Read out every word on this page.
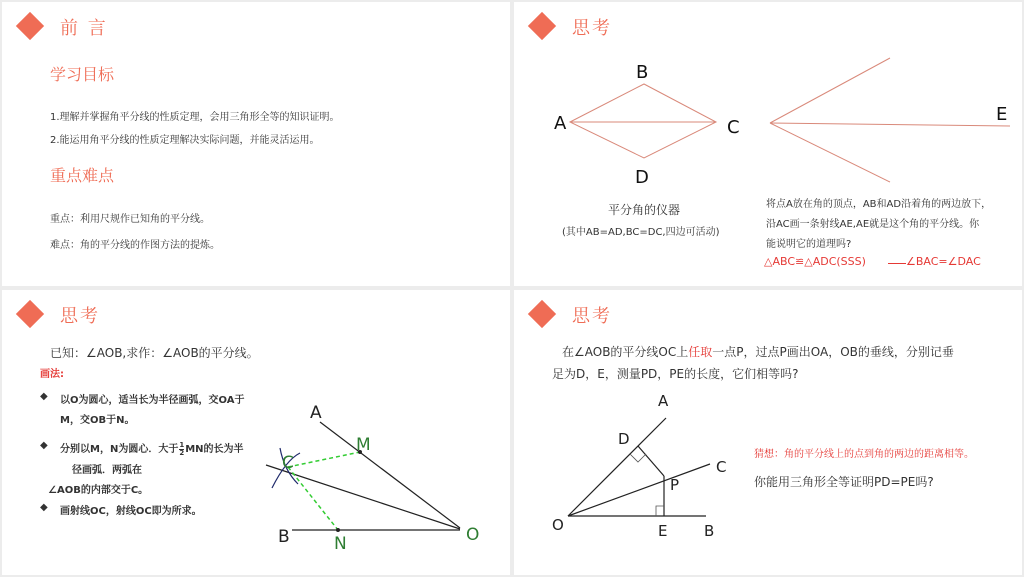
前 言
学习目标
1.理解并掌握角平分线的性质定理，会用三角形全等的知识证明。
2.能运用角平分线的性质定理解决实际问题，并能灵活运用。
重点难点
重点：利用尺规作已知角的平分线。
难点：角的平分线的作图方法的提炼。
思考
A
B
C
D
E
平分角的仪器
(其中AB=AD,BC=DC,四边可活动)
将点A放在角的顶点，AB和AD沿着角的两边放下，
沿AC画一条射线AE,AE就是这个角的平分线。你
能说明它的道理吗?
△ABC≌△ADC(SSS)	∠BAC=∠DAC
思考
已知：∠AOB,求作：∠AOB的平分线。
画法:
◆ 以O为圆心，适当长为半径画弧，交OA于
M，交OB于N。
◆ 分别以M，N为圆心．大于 $\frac{1}{2}$ MN的长为半
径画弧．两弧在
∠AOB的内部交于C。
◆ 画射线OC，射线OC即为所求。
A
M
C
B	N	O
思考
在∠AOB的平分线OC上任取一点P，过点P画出OA，OB的垂线，分别记垂
足为D，E，测量PD，PE的长度，它们相等吗?
A
D
C
P
O	E B
猜想：角的平分线上的点到角的两边的距离相等。
你能用三角形全等证明PD=PE吗?
